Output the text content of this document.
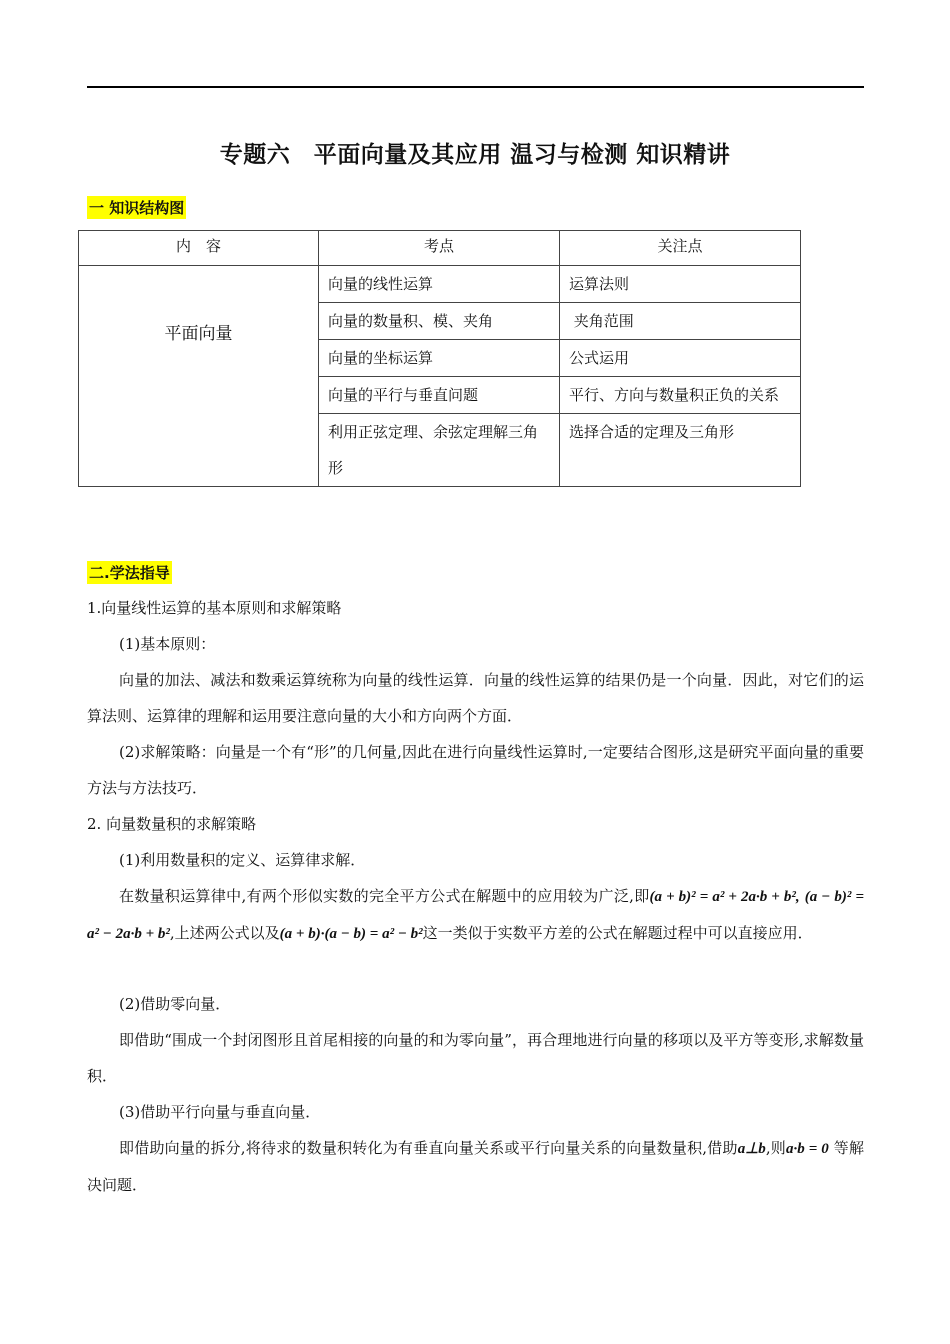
专题六　平面向量及其应用 温习与检测 知识精讲
一 知识结构图
内　容	考点	关注点
平面向量	向量的线性运算	运算法则
	向量的数量积、模、夹角	夹角范围
	向量的坐标运算	公式运用
	向量的平行与垂直问题	平行、方向与数量积正负的关系
	利用正弦定理、余弦定理解三角形	选择合适的定理及三角形
二.学法指导
1.向量线性运算的基本原则和求解策略
(1)基本原则：
向量的加法、减法和数乘运算统称为向量的线性运算．向量的线性运算的结果仍是一个向量．因此，对它们的运算法则、运算律的理解和运用要注意向量的大小和方向两个方面．
(2)求解策略：向量是一个有“形”的几何量,因此在进行向量线性运算时,一定要结合图形,这是研究平面向量的重要方法与方法技巧．
2. 向量数量积的求解策略
(1)利用数量积的定义、运算律求解．
在数量积运算律中,有两个形似实数的完全平方公式在解题中的应用较为广泛,即(a + b)² = a² + 2a·b + b², (a − b)² = a² − 2a·b + b²,上述两公式以及(a + b)·(a − b) = a² − b²这一类似于实数平方差的公式在解题过程中可以直接应用．
(2)借助零向量．
即借助“围成一个封闭图形且首尾相接的向量的和为零向量”，再合理地进行向量的移项以及平方等变形,求解数量积．
(3)借助平行向量与垂直向量．
即借助向量的拆分,将待求的数量积转化为有垂直向量关系或平行向量关系的向量数量积,借助a⊥b,则a·b = 0 等解决问题．
